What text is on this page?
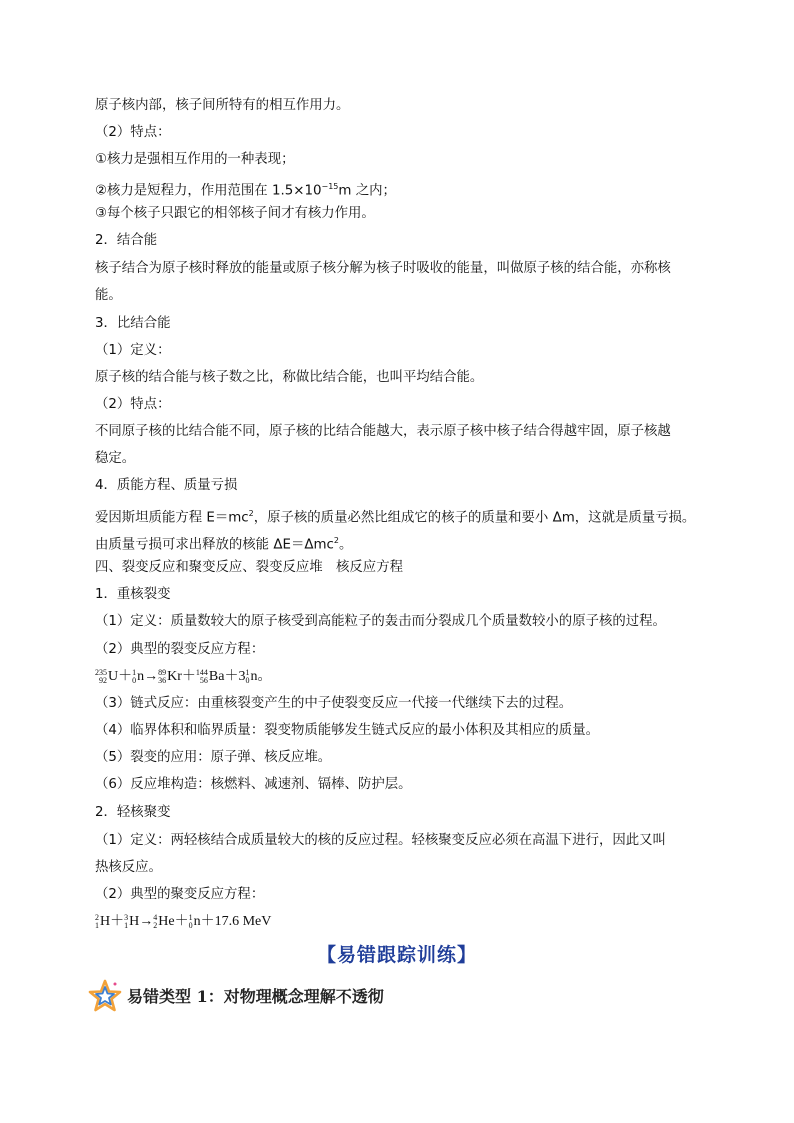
原子核内部，核子间所特有的相互作用力。
（2）特点：
①核力是强相互作用的一种表现；
②核力是短程力，作用范围在 $1.5\times 10^{-15}m$ 之内；
③每个核子只跟它的相邻核子间才有核力作用。
2．结合能
核子结合为原子核时释放的能量或原子核分解为核子时吸收的能量，叫做原子核的结合能，亦称核
能。
3．比结合能
（1）定义：
原子核的结合能与核子数之比，称做比结合能，也叫平均结合能。
（2）特点：
不同原子核的比结合能不同，原子核的比结合能越大，表示原子核中核子结合得越牢固，原子核越
稳定。
4．质能方程、质量亏损
爱因斯坦质能方程 $E=mc^2$，原子核的质量必然比组成它的核子的质量和要小 Δm，这就是质量亏损。
由质量亏损可求出释放的核能 ΔE＝Δmc$^2$。
四、裂变反应和聚变反应、裂变反应堆　核反应方程
1．重核裂变
（1）定义：质量数较大的原子核受到高能粒子的轰击而分裂成几个质量数较小的原子核的过程。
（2）典型的裂变反应方程：
235
92 U＋ 1
0 n→ 89
36 Kr＋ 144
56 Ba＋3 1
0 n。
（3）链式反应：由重核裂变产生的中子使裂变反应一代接一代继续下去的过程。
（4）临界体积和临界质量：裂变物质能够发生链式反应的最小体积及其相应的质量。
（5）裂变的应用：原子弹、核反应堆。
（6）反应堆构造：核燃料、减速剂、镉棒、防护层。
2．轻核聚变
（1）定义：两轻核结合成质量较大的核的反应过程。轻核聚变反应必须在高温下进行，因此又叫
热核反应。
（2）典型的聚变反应方程：
2
1 H＋ 3
1 H→ 4
2 He＋ 1
0 n＋17.6 MeV
【易错跟踪训练】
易错类型 1：对物理概念理解不透彻
